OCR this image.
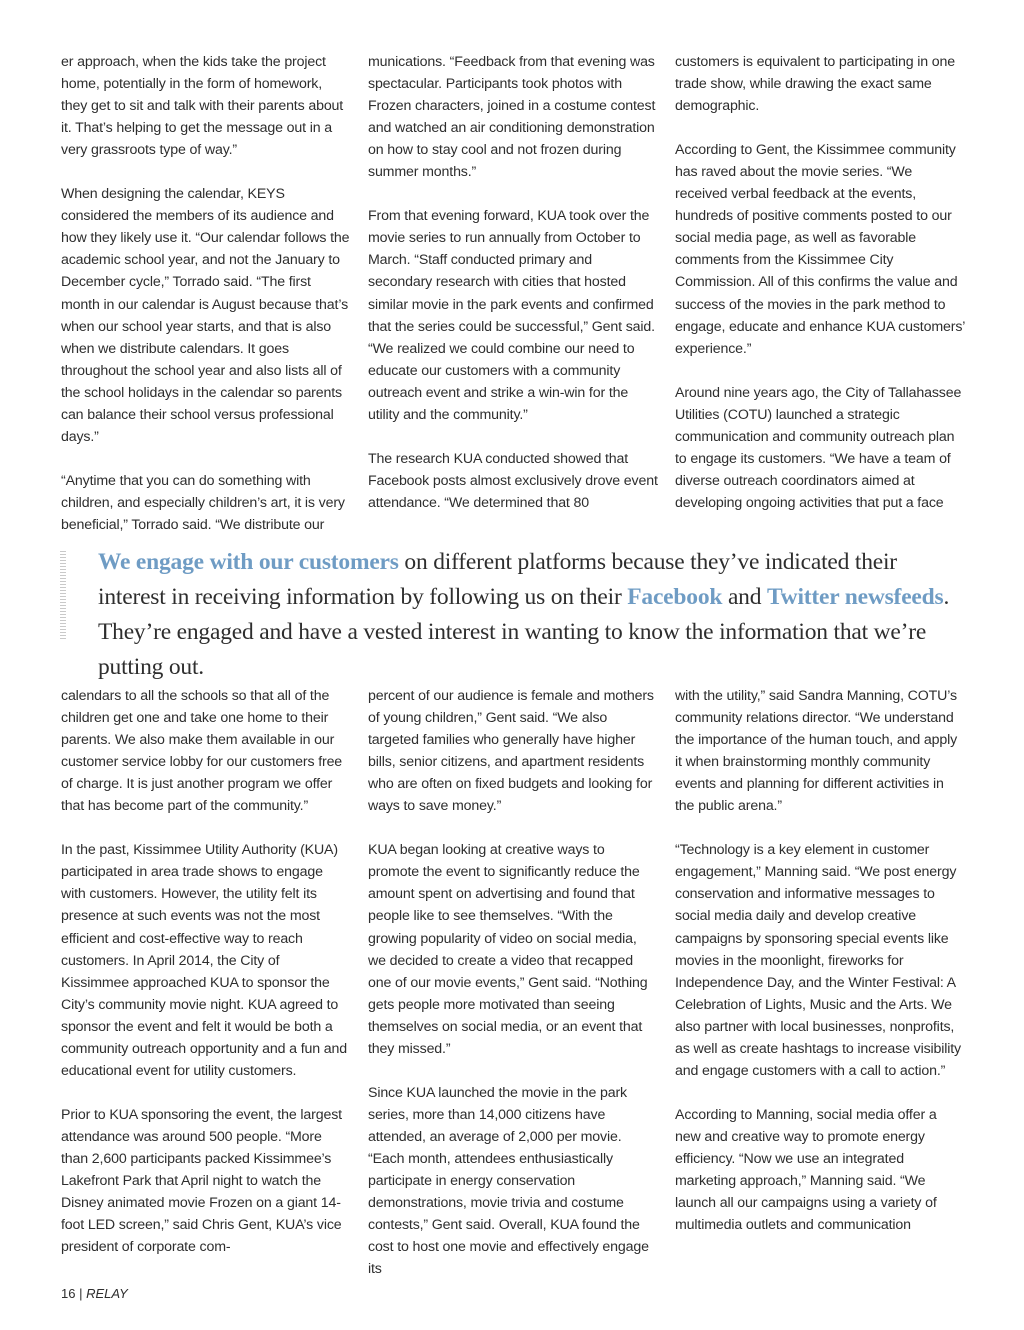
er approach, when the kids take the project home, potentially in the form of homework, they get to sit and talk with their parents about it. That’s helping to get the message out in a very grassroots type of way.”

When designing the calendar, KEYS considered the members of its audience and how they likely use it. “Our calendar follows the academic school year, and not the January to December cycle,” Torrado said. “The first month in our calendar is August because that’s when our school year starts, and that is also when we distribute calendars. It goes throughout the school year and also lists all of the school holidays in the calendar so parents can balance their school versus professional days.”

“Anytime that you can do something with children, and especially children’s art, it is very beneficial,” Torrado said. “We distribute our

munications. “Feedback from that evening was spectacular. Participants took photos with Frozen characters, joined in a costume contest and watched an air conditioning demonstration on how to stay cool and not frozen during summer months.”

From that evening forward, KUA took over the movie series to run annually from October to March. “Staff conducted primary and secondary research with cities that hosted similar movie in the park events and confirmed that the series could be successful,” Gent said. “We realized we could combine our need to educate our customers with a community outreach event and strike a win-win for the utility and the community.”

The research KUA conducted showed that Facebook posts almost exclusively drove event attendance. “We determined that 80

customers is equivalent to participating in one trade show, while drawing the exact same demographic.

According to Gent, the Kissimmee community has raved about the movie series. “We received verbal feedback at the events, hundreds of positive comments posted to our social media page, as well as favorable comments from the Kissimmee City Commission. All of this confirms the value and success of the movies in the park method to engage, educate and enhance KUA customers’ experience.”

Around nine years ago, the City of Tallahassee Utilities (COTU) launched a strategic communication and community outreach plan to engage its customers. “We have a team of diverse outreach coordinators aimed at developing ongoing activities that put a face

We engage with our customers on different platforms because they’ve indicated their interest in receiving information by following us on their Facebook and Twitter newsfeeds. They’re engaged and have a vested interest in wanting to know the information that we’re putting out.

calendars to all the schools so that all of the children get one and take one home to their parents. We also make them available in our customer service lobby for our customers free of charge. It is just another program we offer that has become part of the community.”

In the past, Kissimmee Utility Authority (KUA) participated in area trade shows to engage with customers. However, the utility felt its presence at such events was not the most efficient and cost-effective way to reach customers. In April 2014, the City of Kissimmee approached KUA to sponsor the City’s community movie night. KUA agreed to sponsor the event and felt it would be both a community outreach opportunity and a fun and educational event for utility customers.

Prior to KUA sponsoring the event, the largest attendance was around 500 people. “More than 2,600 participants packed Kissimmee’s Lakefront Park that April night to watch the Disney animated movie Frozen on a giant 14-foot LED screen,” said Chris Gent, KUA’s vice president of corporate com-

percent of our audience is female and mothers of young children,” Gent said. “We also targeted families who generally have higher bills, senior citizens, and apartment residents who are often on fixed budgets and looking for ways to save money.”

KUA began looking at creative ways to promote the event to significantly reduce the amount spent on advertising and found that people like to see themselves. “With the growing popularity of video on social media, we decided to create a video that recapped one of our movie events,” Gent said. “Nothing gets people more motivated than seeing themselves on social media, or an event that they missed.”

Since KUA launched the movie in the park series, more than 14,000 citizens have attended, an average of 2,000 per movie. “Each month, attendees enthusiastically participate in energy conservation demonstrations, movie trivia and costume contests,” Gent said. Overall, KUA found the cost to host one movie and effectively engage its

with the utility,” said Sandra Manning, COTU’s community relations director. “We understand the importance of the human touch, and apply it when brainstorming monthly community events and planning for different activities in the public arena.”

“Technology is a key element in customer engagement,” Manning said. “We post energy conservation and informative messages to social media daily and develop creative campaigns by sponsoring special events like movies in the moonlight, fireworks for Independence Day, and the Winter Festival: A Celebration of Lights, Music and the Arts. We also partner with local businesses, nonprofits, as well as create hashtags to increase visibility and engage customers with a call to action.”

According to Manning, social media offer a new and creative way to promote energy efficiency. “Now we use an integrated marketing approach,” Manning said. “We launch all our campaigns using a variety of multimedia outlets and communication

16 | RELAY
